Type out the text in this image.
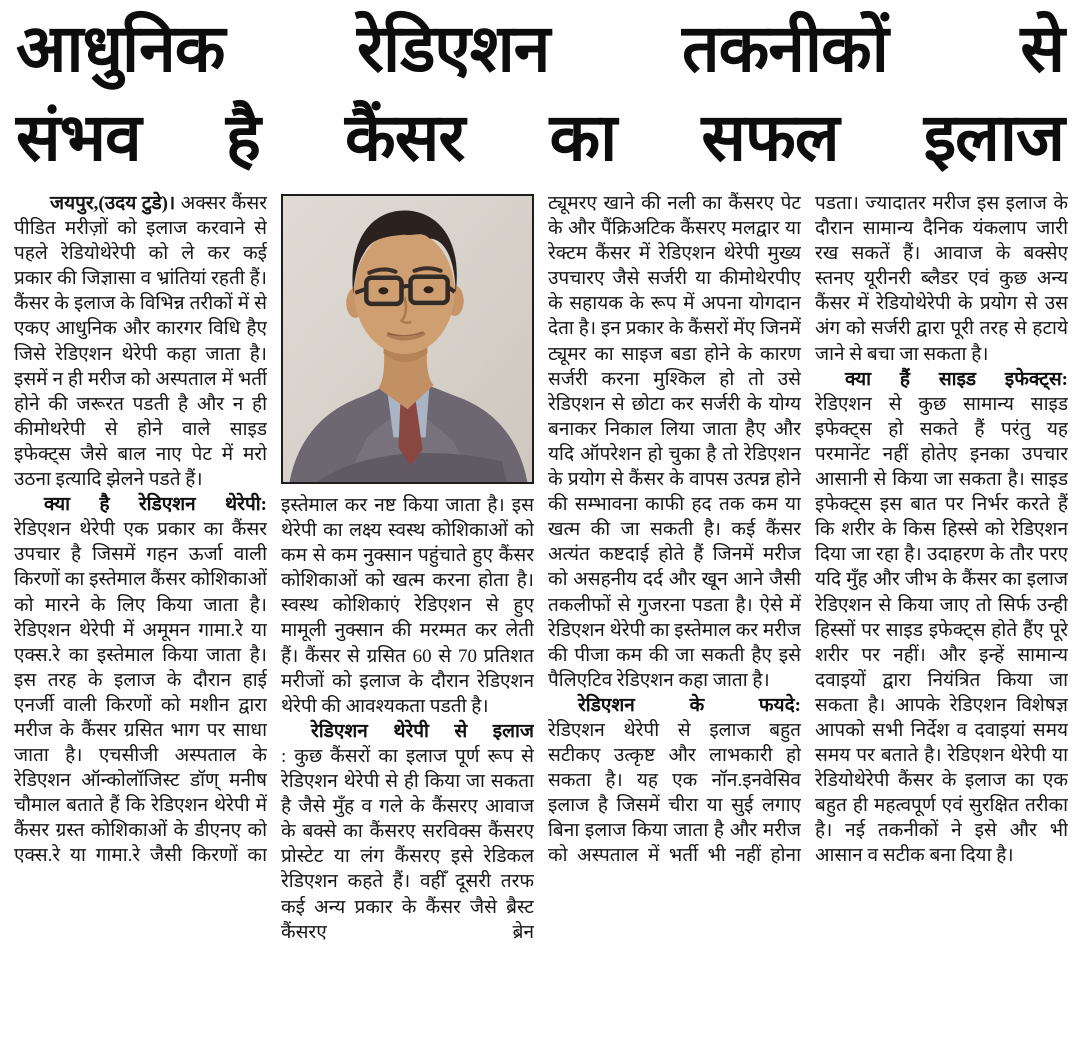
आधुनिक रेडिएशन तकनीकों से
संभव है कैंसर का सफल इलाज

जयपुर,(उदय टुडे)। अक्सर कैंसर पीडित मरीज़ों को इलाज करवाने से पहले रेडियोथेरेपी को ले कर कई प्रकार की जिज्ञासा व भ्रांतियां रहती हैं। कैंसर के इलाज के विभिन्न तरीकों में से एकए आधुनिक और कारगर विधि हैए जिसे रेडिएशन थेरेपी कहा जाता है। इसमें न ही मरीज को अस्पताल में भर्ती होने की जरूरत पडती है और न ही कीमोथरेपी से होने वाले साइड इफेक्ट्स जैसे बाल नाए पेट में मरो उठना इत्यादि झेलने पडते हैं।

क्या है रेडिएशन थेरेपी:

रेडिएशन थेरेपी एक प्रकार का कैंसर उपचार है जिसमें गहन ऊर्जा वाली किरणों का इस्तेमाल कैंसर कोशिकाओं को मारने के लिए किया जाता है। रेडिएशन थेरेपी में अमूमन गामा.रे या एक्स.रे का इस्तेमाल किया जाता है। इस तरह के इलाज के दौरान हाई एनर्जी वाली किरणों को मशीन द्वारा मरीज के कैंसर ग्रसित भाग पर साधा जाता है। एचसीजी अस्पताल के रेडिएशन ऑन्कोलॉजिस्ट डॉण् मनीष चौमाल बताते हैं कि रेडिएशन थेरेपी में कैंसर ग्रस्त कोशिकाओं के डीएनए को एक्स.रे या गामा.रे जैसी किरणों का

इस्तेमाल कर नष्ट किया जाता है। इस थेरेपी का लक्ष्य स्वस्थ कोशिकाओं को कम से कम नुक्सान पहुंचाते हुए कैंसर कोशिकाओं को खत्म करना होता है। स्वस्थ कोशिकाएं रेडिएशन से हुए मामूली नुक्सान की मरम्मत कर लेती हैं। कैंसर से ग्रसित 60 से 70 प्रतिशत मरीजों को इलाज के दौरान रेडिएशन थेरेपी की आवश्यकता पडती है।

रेडिएशन थेरेपी से इलाज

: कुछ कैंसरों का इलाज पूर्ण रूप से रेडिएशन थेरेपी से ही किया जा सकता है जैसे मुँह व गले के कैंसरए आवाज के बक्से का कैंसरए सरविक्स कैंसरए प्रोस्टेट या लंग कैंसरए इसे रेडिकल रेडिएशन कहते हैं। वहीँ दूसरी तरफ कई अन्य प्रकार के कैंसर जैसे ब्रैस्ट कैंसरए ब्रेन

ट्यूमरए खाने की नली का कैंसरए पेट के और पैंक्रिअटिक कैंसरए मलद्वार या रेक्टम कैंसर में रेडिएशन थेरेपी मुख्य उपचारए जैसे सर्जरी या कीमोथेरपीए के सहायक के रूप में अपना योगदान देता है। इन प्रकार के कैंसरों मेंए जिनमें ट्यूमर का साइज बडा होने के कारण सर्जरी करना मुश्किल हो तो उसे रेडिएशन से छोटा कर सर्जरी के योग्य बनाकर निकाल लिया जाता हैए और यदि ऑपरेशन हो चुका है तो रेडिएशन के प्रयोग से कैंसर के वापस उत्पन्न होने की सम्भावना काफी हद तक कम या खत्म की जा सकती है। कई कैंसर अत्यंत कष्टदाई होते हैं जिनमें मरीज को असहनीय दर्द और खून आने जैसी तकलीफों से गुजरना पडता है। ऐसे में रेडिएशन थेरेपी का इस्तेमाल कर मरीज की पीजा कम की जा सकती हैए इसे पैलिएटिव रेडिएशन कहा जाता है।

रेडिएशन के फयदे:

रेडिएशन थेरेपी से इलाज बहुत सटीकए उत्कृष्ट और लाभकारी हो सकता है। यह एक नॉन.इनवेसिव इलाज है जिसमें चीरा या सुई लगाए बिना इलाज किया जाता है और मरीज को अस्पताल में भर्ती भी नहीं होना

पडता। ज्यादातर मरीज इस इलाज के दौरान सामान्य दैनिक यंकलाप जारी रख सकतें हैं। आवाज के बक्सेए स्तनए यूरीनरी ब्लैडर एवं कुछ अन्य कैंसर में रेडियोथेरेपी के प्रयोग से उस अंग को सर्जरी द्वारा पूरी तरह से हटाये जाने से बचा जा सकता है।

क्या हैं साइड इफेक्ट्स:

रेडिएशन से कुछ सामान्य साइड इफेक्ट्स हो सकते हैं परंतु यह परमानेंट नहीं होतेए इनका उपचार आसानी से किया जा सकता है। साइड इफेक्ट्स इस बात पर निर्भर करते हैं कि शरीर के किस हिस्से को रेडिएशन दिया जा रहा है। उदाहरण के तौर परए यदि मुँह और जीभ के कैंसर का इलाज रेडिएशन से किया जाए तो सिर्फ उन्ही हिस्सों पर साइड इफेक्ट्स होते हैंए पूरे शरीर पर नहीं। और इन्हें सामान्य दवाइयों द्वारा नियंत्रित किया जा सकता है। आपके रेडिएशन विशेषज्ञ आपको सभी निर्देश व दवाइयां समय समय पर बताते है। रेडिएशन थेरेपी या रेडियोथेरेपी कैंसर के इलाज का एक बहुत ही महत्वपूर्ण एवं सुरक्षित तरीका है। नई तकनीकों ने इसे और भी आसान व सटीक बना दिया है।
